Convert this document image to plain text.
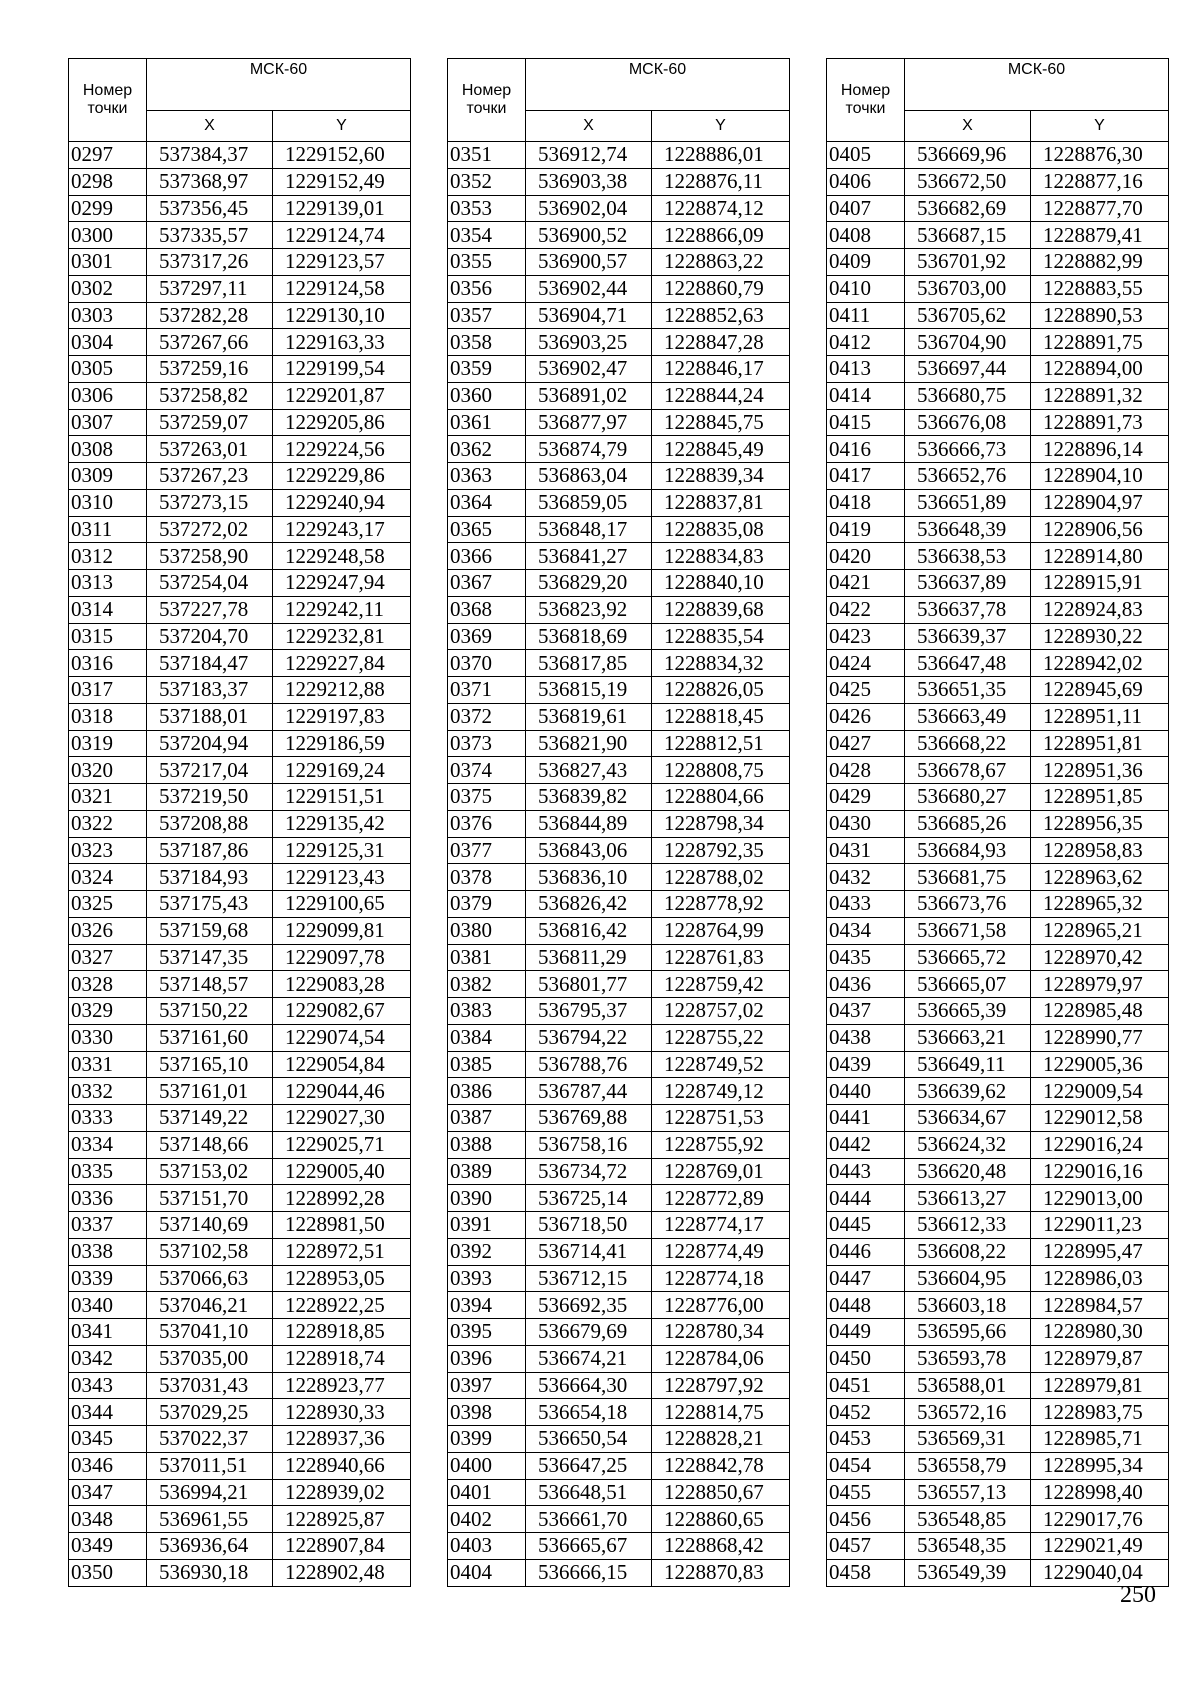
Номер
точки	МСК-60	
	X	Y
0297	537384,37	1229152,60
0298	537368,97	1229152,49
0299	537356,45	1229139,01
0300	537335,57	1229124,74
0301	537317,26	1229123,57
0302	537297,11	1229124,58
0303	537282,28	1229130,10
0304	537267,66	1229163,33
0305	537259,16	1229199,54
0306	537258,82	1229201,87
0307	537259,07	1229205,86
0308	537263,01	1229224,56
0309	537267,23	1229229,86
0310	537273,15	1229240,94
0311	537272,02	1229243,17
0312	537258,90	1229248,58
0313	537254,04	1229247,94
0314	537227,78	1229242,11
0315	537204,70	1229232,81
0316	537184,47	1229227,84
0317	537183,37	1229212,88
0318	537188,01	1229197,83
0319	537204,94	1229186,59
0320	537217,04	1229169,24
0321	537219,50	1229151,51
0322	537208,88	1229135,42
0323	537187,86	1229125,31
0324	537184,93	1229123,43
0325	537175,43	1229100,65
0326	537159,68	1229099,81
0327	537147,35	1229097,78
0328	537148,57	1229083,28
0329	537150,22	1229082,67
0330	537161,60	1229074,54
0331	537165,10	1229054,84
0332	537161,01	1229044,46
0333	537149,22	1229027,30
0334	537148,66	1229025,71
0335	537153,02	1229005,40
0336	537151,70	1228992,28
0337	537140,69	1228981,50
0338	537102,58	1228972,51
0339	537066,63	1228953,05
0340	537046,21	1228922,25
0341	537041,10	1228918,85
0342	537035,00	1228918,74
0343	537031,43	1228923,77
0344	537029,25	1228930,33
0345	537022,37	1228937,36
0346	537011,51	1228940,66
0347	536994,21	1228939,02
0348	536961,55	1228925,87
0349	536936,64	1228907,84
0350	536930,18	1228902,48
Номер
точки	МСК-60	
	X	Y
0351	536912,74	1228886,01
0352	536903,38	1228876,11
0353	536902,04	1228874,12
0354	536900,52	1228866,09
0355	536900,57	1228863,22
0356	536902,44	1228860,79
0357	536904,71	1228852,63
0358	536903,25	1228847,28
0359	536902,47	1228846,17
0360	536891,02	1228844,24
0361	536877,97	1228845,75
0362	536874,79	1228845,49
0363	536863,04	1228839,34
0364	536859,05	1228837,81
0365	536848,17	1228835,08
0366	536841,27	1228834,83
0367	536829,20	1228840,10
0368	536823,92	1228839,68
0369	536818,69	1228835,54
0370	536817,85	1228834,32
0371	536815,19	1228826,05
0372	536819,61	1228818,45
0373	536821,90	1228812,51
0374	536827,43	1228808,75
0375	536839,82	1228804,66
0376	536844,89	1228798,34
0377	536843,06	1228792,35
0378	536836,10	1228788,02
0379	536826,42	1228778,92
0380	536816,42	1228764,99
0381	536811,29	1228761,83
0382	536801,77	1228759,42
0383	536795,37	1228757,02
0384	536794,22	1228755,22
0385	536788,76	1228749,52
0386	536787,44	1228749,12
0387	536769,88	1228751,53
0388	536758,16	1228755,92
0389	536734,72	1228769,01
0390	536725,14	1228772,89
0391	536718,50	1228774,17
0392	536714,41	1228774,49
0393	536712,15	1228774,18
0394	536692,35	1228776,00
0395	536679,69	1228780,34
0396	536674,21	1228784,06
0397	536664,30	1228797,92
0398	536654,18	1228814,75
0399	536650,54	1228828,21
0400	536647,25	1228842,78
0401	536648,51	1228850,67
0402	536661,70	1228860,65
0403	536665,67	1228868,42
0404	536666,15	1228870,83
Номер
точки	МСК-60	
	X	Y
0405	536669,96	1228876,30
0406	536672,50	1228877,16
0407	536682,69	1228877,70
0408	536687,15	1228879,41
0409	536701,92	1228882,99
0410	536703,00	1228883,55
0411	536705,62	1228890,53
0412	536704,90	1228891,75
0413	536697,44	1228894,00
0414	536680,75	1228891,32
0415	536676,08	1228891,73
0416	536666,73	1228896,14
0417	536652,76	1228904,10
0418	536651,89	1228904,97
0419	536648,39	1228906,56
0420	536638,53	1228914,80
0421	536637,89	1228915,91
0422	536637,78	1228924,83
0423	536639,37	1228930,22
0424	536647,48	1228942,02
0425	536651,35	1228945,69
0426	536663,49	1228951,11
0427	536668,22	1228951,81
0428	536678,67	1228951,36
0429	536680,27	1228951,85
0430	536685,26	1228956,35
0431	536684,93	1228958,83
0432	536681,75	1228963,62
0433	536673,76	1228965,32
0434	536671,58	1228965,21
0435	536665,72	1228970,42
0436	536665,07	1228979,97
0437	536665,39	1228985,48
0438	536663,21	1228990,77
0439	536649,11	1229005,36
0440	536639,62	1229009,54
0441	536634,67	1229012,58
0442	536624,32	1229016,24
0443	536620,48	1229016,16
0444	536613,27	1229013,00
0445	536612,33	1229011,23
0446	536608,22	1228995,47
0447	536604,95	1228986,03
0448	536603,18	1228984,57
0449	536595,66	1228980,30
0450	536593,78	1228979,87
0451	536588,01	1228979,81
0452	536572,16	1228983,75
0453	536569,31	1228985,71
0454	536558,79	1228995,34
0455	536557,13	1228998,40
0456	536548,85	1229017,76
0457	536548,35	1229021,49
0458	536549,39	1229040,04
250
